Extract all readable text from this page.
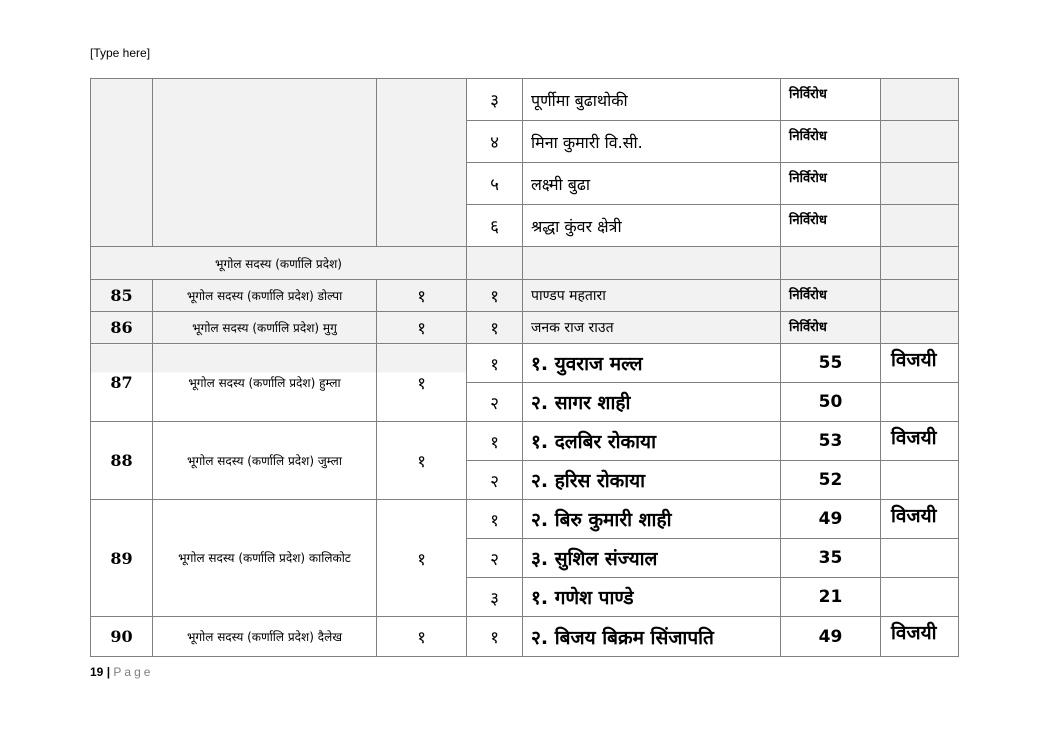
[Type here]
			३	पूर्णीमा बुढाथोकी	निर्विरोध	
			४	मिना कुमारी वि.सी.	निर्विरोध	
			५	लक्ष्मी बुढा	निर्विरोध	
			६	श्रद्धा कुंवर क्षेत्री	निर्विरोध	
भूगोल सदस्य (कर्णालि प्रदेश)						
85	भूगोल सदस्य (कर्णालि प्रदेश) डोल्पा	१	१	पाण्डप महतारा	निर्विरोध	
86	भूगोल सदस्य (कर्णालि प्रदेश) मुगु	१	१	जनक राज राउत	निर्विरोध	
87	भूगोल सदस्य (कर्णालि प्रदेश) हुम्ला	१	१	१. युवराज मल्ल	55	विजयी
			२	२. सागर शाही	50	
88	भूगोल सदस्य (कर्णालि प्रदेश) जुम्ला	१	१	१. दलबिर रोकाया	53	विजयी
			२	२. हरिस रोकाया	52	
89	भूगोल सदस्य (कर्णालि प्रदेश) कालिकोट	१	१	२. बिरु कुमारी शाही	49	विजयी
			२	३. सुशिल संज्याल	35	
			३	१. गणेश पाण्डे	21	
90	भूगोल सदस्य (कर्णालि प्रदेश) दैलेख	१	१	२. बिजय बिक्रम सिंजापति	49	विजयी
19 | Page
